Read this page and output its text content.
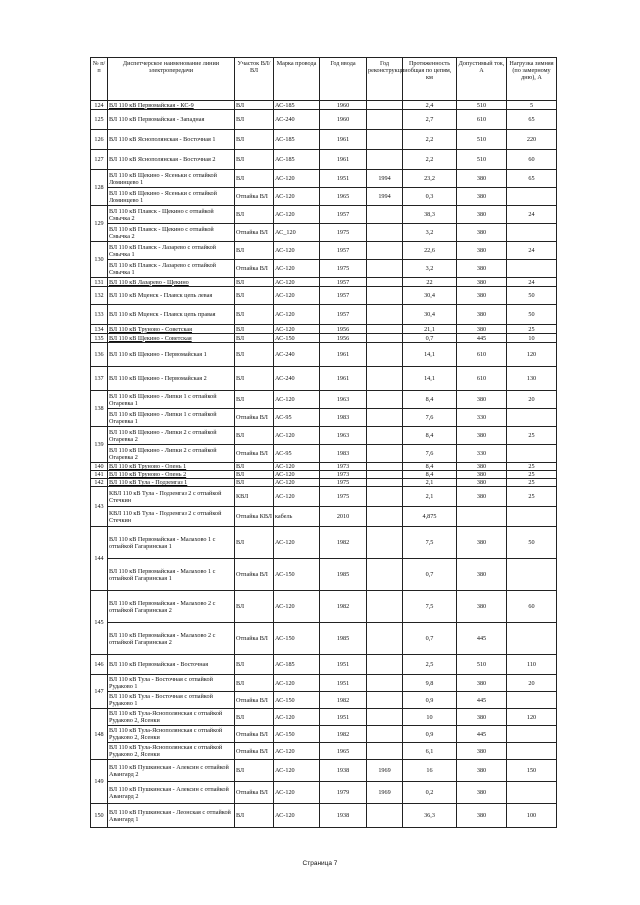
№ п/п	Диспетчерское наименование линии электропередачи	Участок ВЛ/ВЛ	Марка провода	Год ввода	Год реконструкции	Протяженность общая по цепям, км	Допустимый ток, А	Нагрузка зимняя (по замерному дню), А
124	ВЛ 110 кВ Первомайская - КС-9	ВЛ	АС-185	1960		2,4	510	5
125	ВЛ 110 кВ Первомайская - Западная	ВЛ	АС-240	1960		2,7	610	65
126	ВЛ 110 кВ Яснополянская - Восточная 1	ВЛ	АС-185	1961		2,2	510	220
127	ВЛ 110 кВ Яснополянская - Восточная 2	ВЛ	АС-185	1961		2,2	510	60
128	ВЛ 110 кВ Щекино - Ясеньки с отпайкой Ломинцево 1	ВЛ	АС-120	1951	1994	23,2	380	65
	ВЛ 110 кВ Щекино - Ясеньки с отпайкой Ломинцево 1	Отпайка ВЛ	АС-120	1965	1994	0,3	380	
129	ВЛ 110 кВ Плавск - Щекино с отпайкой Смычка 2	ВЛ	АС-120	1957		38,3	380	24
	ВЛ 110 кВ Плавск - Щекино с отпайкой Смычка 2	Отпайка ВЛ	АС_120	1975		3,2	380	
130	ВЛ 110 кВ Плавск - Лазарево с отпайкой Смычка 1	ВЛ	АС-120	1957		22,6	380	24
	ВЛ 110 кВ Плавск - Лазарево с отпайкой Смычка 1	Отпайка ВЛ	АС-120	1975		3,2	380	
131	ВЛ 110 кВ Лазарево - Щекино	ВЛ	АС-120	1957		22	380	24
132	ВЛ 110 кВ Мценск - Плавск цепь левая	ВЛ	АС-120	1957		30,4	380	50
133	ВЛ 110 кВ Мценск - Плавск цепь правая	ВЛ	АС-120	1957		30,4	380	50
134	ВЛ 110 кВ Труново - Советская	ВЛ	АС-120	1956		21,1	380	25
135	ВЛ 110 кВ Щекино - Советская	ВЛ	АС-150	1956		0,7	445	10
136	ВЛ 110 кВ Щекино - Первомайская 1	ВЛ	АС-240	1961		14,1	610	120
137	ВЛ 110 кВ Щекино - Первомайская 2	ВЛ	АС-240	1961		14,1	610	130
138	ВЛ 110 кВ Щекино - Липки 1 с отпайкой Огаревка 1	ВЛ	АС-120	1963		8,4	380	20
	ВЛ 110 кВ Щекино - Липки 1 с отпайкой Огаревка 1	Отпайка ВЛ	АС-95	1983		7,6	330	
139	ВЛ 110 кВ Щекино - Липки 2 с отпайкой Огаревка 2	ВЛ	АС-120	1963		8,4	380	25
	ВЛ 110 кВ Щекино - Липки 2 с отпайкой Огаревка 2	Отпайка ВЛ	АС-95	1983		7,6	330	
140	ВЛ 110 кВ Труново - Олень 1	ВЛ	АС-120	1973		8,4	380	25
141	ВЛ 110 кВ Труново - Олень 2	ВЛ	АС-120	1973		8,4	380	25
142	ВЛ 110 кВ Тула - Подземгаз 1	ВЛ	АС-120	1975		2,1	380	25
143	КВЛ 110 кВ Тула - Подземгаз 2 с отпайкой Стечкин	КВЛ	АС-120	1975		2,1	380	25
	КВЛ 110 кВ Тула - Подземгаз 2 с отпайкой Стечкин	Отпайка КВЛ	кабель	2010		4,875		
144	ВЛ 110 кВ Первомайская - Малахово 1 с отпайкой Гагаринская 1	ВЛ	АС-120	1982		7,5	380	50
	ВЛ 110 кВ Первомайская - Малахово 1 с отпайкой Гагаринская 1	Отпайка ВЛ	АС-150	1985		0,7	380	
145	ВЛ 110 кВ Первомайская - Малахово 2 с отпайкой Гагаринская 2	ВЛ	АС-120	1982		7,5	380	60
	ВЛ 110 кВ Первомайская - Малахово 2 с отпайкой Гагаринская 2	Отпайка ВЛ	АС-150	1985		0,7	445	
146	ВЛ 110 кВ Первомайская - Восточная	ВЛ	АС-185	1951		2,5	510	110
147	ВЛ 110 кВ Тула - Восточная с отпайкой Рудаково 1	ВЛ	АС-120	1951		9,8	380	20
	ВЛ 110 кВ Тула - Восточная с отпайкой Рудаково 1	Отпайка ВЛ	АС-150	1982		0,9	445	
148	ВЛ 110 кВ Тула-Яснополянская с отпайкой Рудаково 2, Ясенки	ВЛ	АС-120	1951		10	380	120
	ВЛ 110 кВ Тула-Яснополянская с отпайкой Рудаково 2, Ясенки	Отпайка ВЛ	АС-150	1982		0,9	445	
	ВЛ 110 кВ Тула-Яснополянская с отпайкой Рудаково 2, Ясенки	Отпайка ВЛ	АС-120	1965		6,1	380	
149	ВЛ 110 кВ Пушкинская - Алексин с отпайкой Авангард 2	ВЛ	АС-120	1938	1969	16	380	150
	ВЛ 110 кВ Пушкинская - Алексин с отпайкой Авангард 2	Отпайка ВЛ	АС-120	1979	1969	0,2	380	
150	ВЛ 110 кВ Пушкинская - Леонская с отпайкой Авангард 1	ВЛ	АС-120	1938		36,3	380	100
Страница 7
